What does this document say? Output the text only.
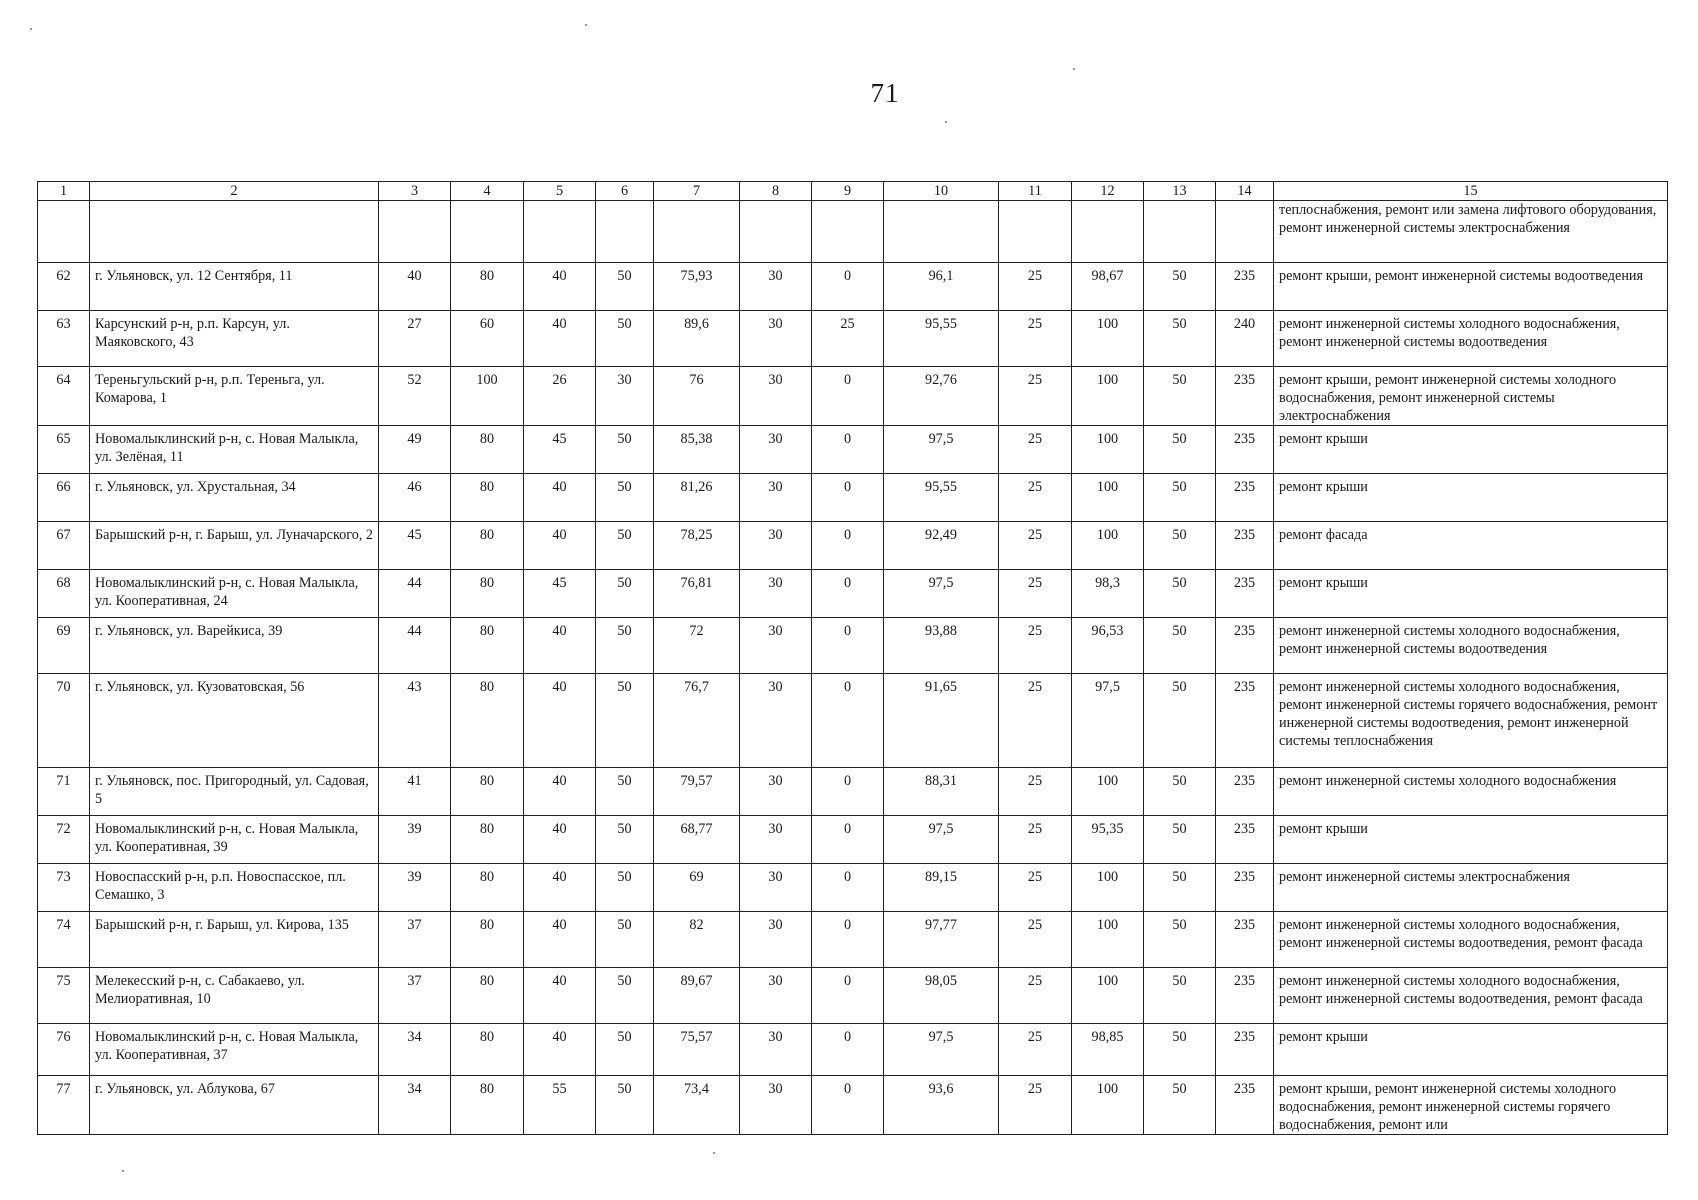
71
1	2	3	4	5	6	7	8	9	10	11	12	13	14	15
														теплоснабжения, ремонт или замена лифтового оборудования, ремонт инженерной системы электроснабжения
62	г. Ульяновск, ул. 12 Сентября, 11	40	80	40	50	75,93	30	0	96,1	25	98,67	50	235	ремонт крыши, ремонт инженерной системы водоотведения
63	Карсунский р-н, р.п. Карсун, ул. Маяковского, 43	27	60	40	50	89,6	30	25	95,55	25	100	50	240	ремонт инженерной системы холодного водоснабжения, ремонт инженерной системы водоотведения
64	Тереньгульский р-н, р.п. Тереньга, ул. Комарова, 1	52	100	26	30	76	30	0	92,76	25	100	50	235	ремонт крыши, ремонт инженерной системы холодного водоснабжения, ремонт инженерной системы электроснабжения
65	Новомалыклинский р-н, с. Новая Малыкла, ул. Зелёная, 11	49	80	45	50	85,38	30	0	97,5	25	100	50	235	ремонт крыши
66	г. Ульяновск, ул. Хрустальная, 34	46	80	40	50	81,26	30	0	95,55	25	100	50	235	ремонт крыши
67	Барышский р-н, г. Барыш, ул. Луначарского, 2	45	80	40	50	78,25	30	0	92,49	25	100	50	235	ремонт фасада
68	Новомалыклинский р-н, с. Новая Малыкла, ул. Кооперативная, 24	44	80	45	50	76,81	30	0	97,5	25	98,3	50	235	ремонт крыши
69	г. Ульяновск, ул. Варейкиса, 39	44	80	40	50	72	30	0	93,88	25	96,53	50	235	ремонт инженерной системы холодного водоснабжения, ремонт инженерной системы водоотведения
70	г. Ульяновск, ул. Кузоватовская, 56	43	80	40	50	76,7	30	0	91,65	25	97,5	50	235	ремонт инженерной системы холодного водоснабжения, ремонт инженерной системы горячего водоснабжения, ремонт инженерной системы водоотведения, ремонт инженерной системы теплоснабжения
71	г. Ульяновск, пос. Пригородный, ул. Садовая, 5	41	80	40	50	79,57	30	0	88,31	25	100	50	235	ремонт инженерной системы холодного водоснабжения
72	Новомалыклинский р-н, с. Новая Малыкла, ул. Кооперативная, 39	39	80	40	50	68,77	30	0	97,5	25	95,35	50	235	ремонт крыши
73	Новоспасский р-н, р.п. Новоспасское, пл. Семашко, 3	39	80	40	50	69	30	0	89,15	25	100	50	235	ремонт инженерной системы электроснабжения
74	Барышский р-н, г. Барыш, ул. Кирова, 135	37	80	40	50	82	30	0	97,77	25	100	50	235	ремонт инженерной системы холодного водоснабжения, ремонт инженерной системы водоотведения, ремонт фасада
75	Мелекесский р-н, с. Сабакаево, ул. Мелиоративная, 10	37	80	40	50	89,67	30	0	98,05	25	100	50	235	ремонт инженерной системы холодного водоснабжения, ремонт инженерной системы водоотведения, ремонт фасада
76	Новомалыклинский р-н, с. Новая Малыкла, ул. Кооперативная, 37	34	80	40	50	75,57	30	0	97,5	25	98,85	50	235	ремонт крыши
77	г. Ульяновск, ул. Аблукова, 67	34	80	55	50	73,4	30	0	93,6	25	100	50	235	ремонт крыши, ремонт инженерной системы холодного водоснабжения, ремонт инженерной системы горячего водоснабжения, ремонт или
